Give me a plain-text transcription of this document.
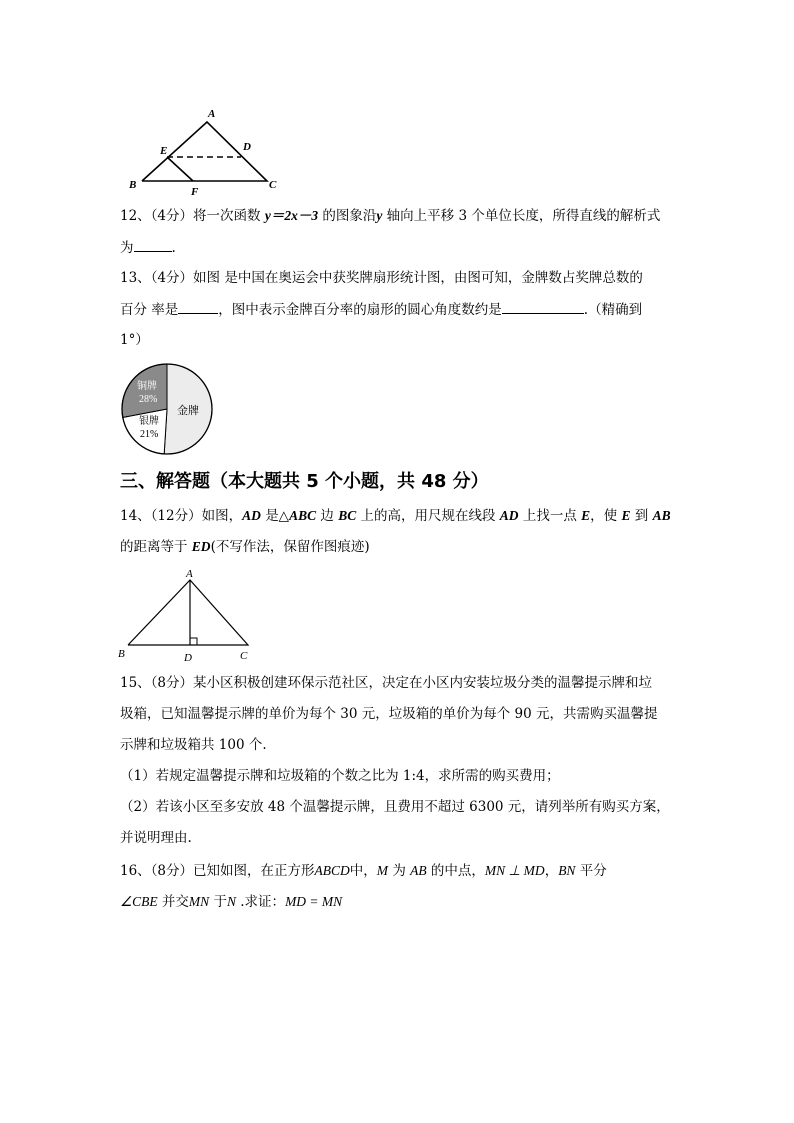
A
E	D
B
F
C
12、（4分）将一次函数 y＝2x－3 的图象沿y 轴向上平移 3 个单位长度，所得直线的解析式
为	.
13、（4分）如图 是中国在奥运会中获奖牌扇形统计图，由图可知，金牌数占奖牌总数的
百分 率是	，图中表示金牌百分率的扇形的圆心角度数约是	.（精确到
1°）
金牌
银牌
21%
铜牌
28%
三、解答题（本大题共 5 个小题，共 48 分）
14、（12分）如图，AD 是△ABC 边 BC 上的高，用尺规在线段 AD 上找一点 E，使 E 到 AB
的距离等于 ED(不写作法，保留作图痕迹)
A
B	D	C
15、（8分）某小区积极创建环保示范社区，决定在小区内安装垃圾分类的温馨提示牌和垃
圾箱，已知温馨提示牌的单价为每个 30 元，垃圾箱的单价为每个 90 元，共需购买温馨提
示牌和垃圾箱共 100 个.
（1）若规定温馨提示牌和垃圾箱的个数之比为 1:4，求所需的购买费用；
（2）若该小区至多安放 48 个温馨提示牌，且费用不超过 6300 元，请列举所有购买方案，
并说明理由.
16、（8分）已知如图，在正方形ABCD中，M 为 AB 的中点，MN ⊥ MD，BN 平分
∠CBE 并交MN 于N .求证：MD = MN
